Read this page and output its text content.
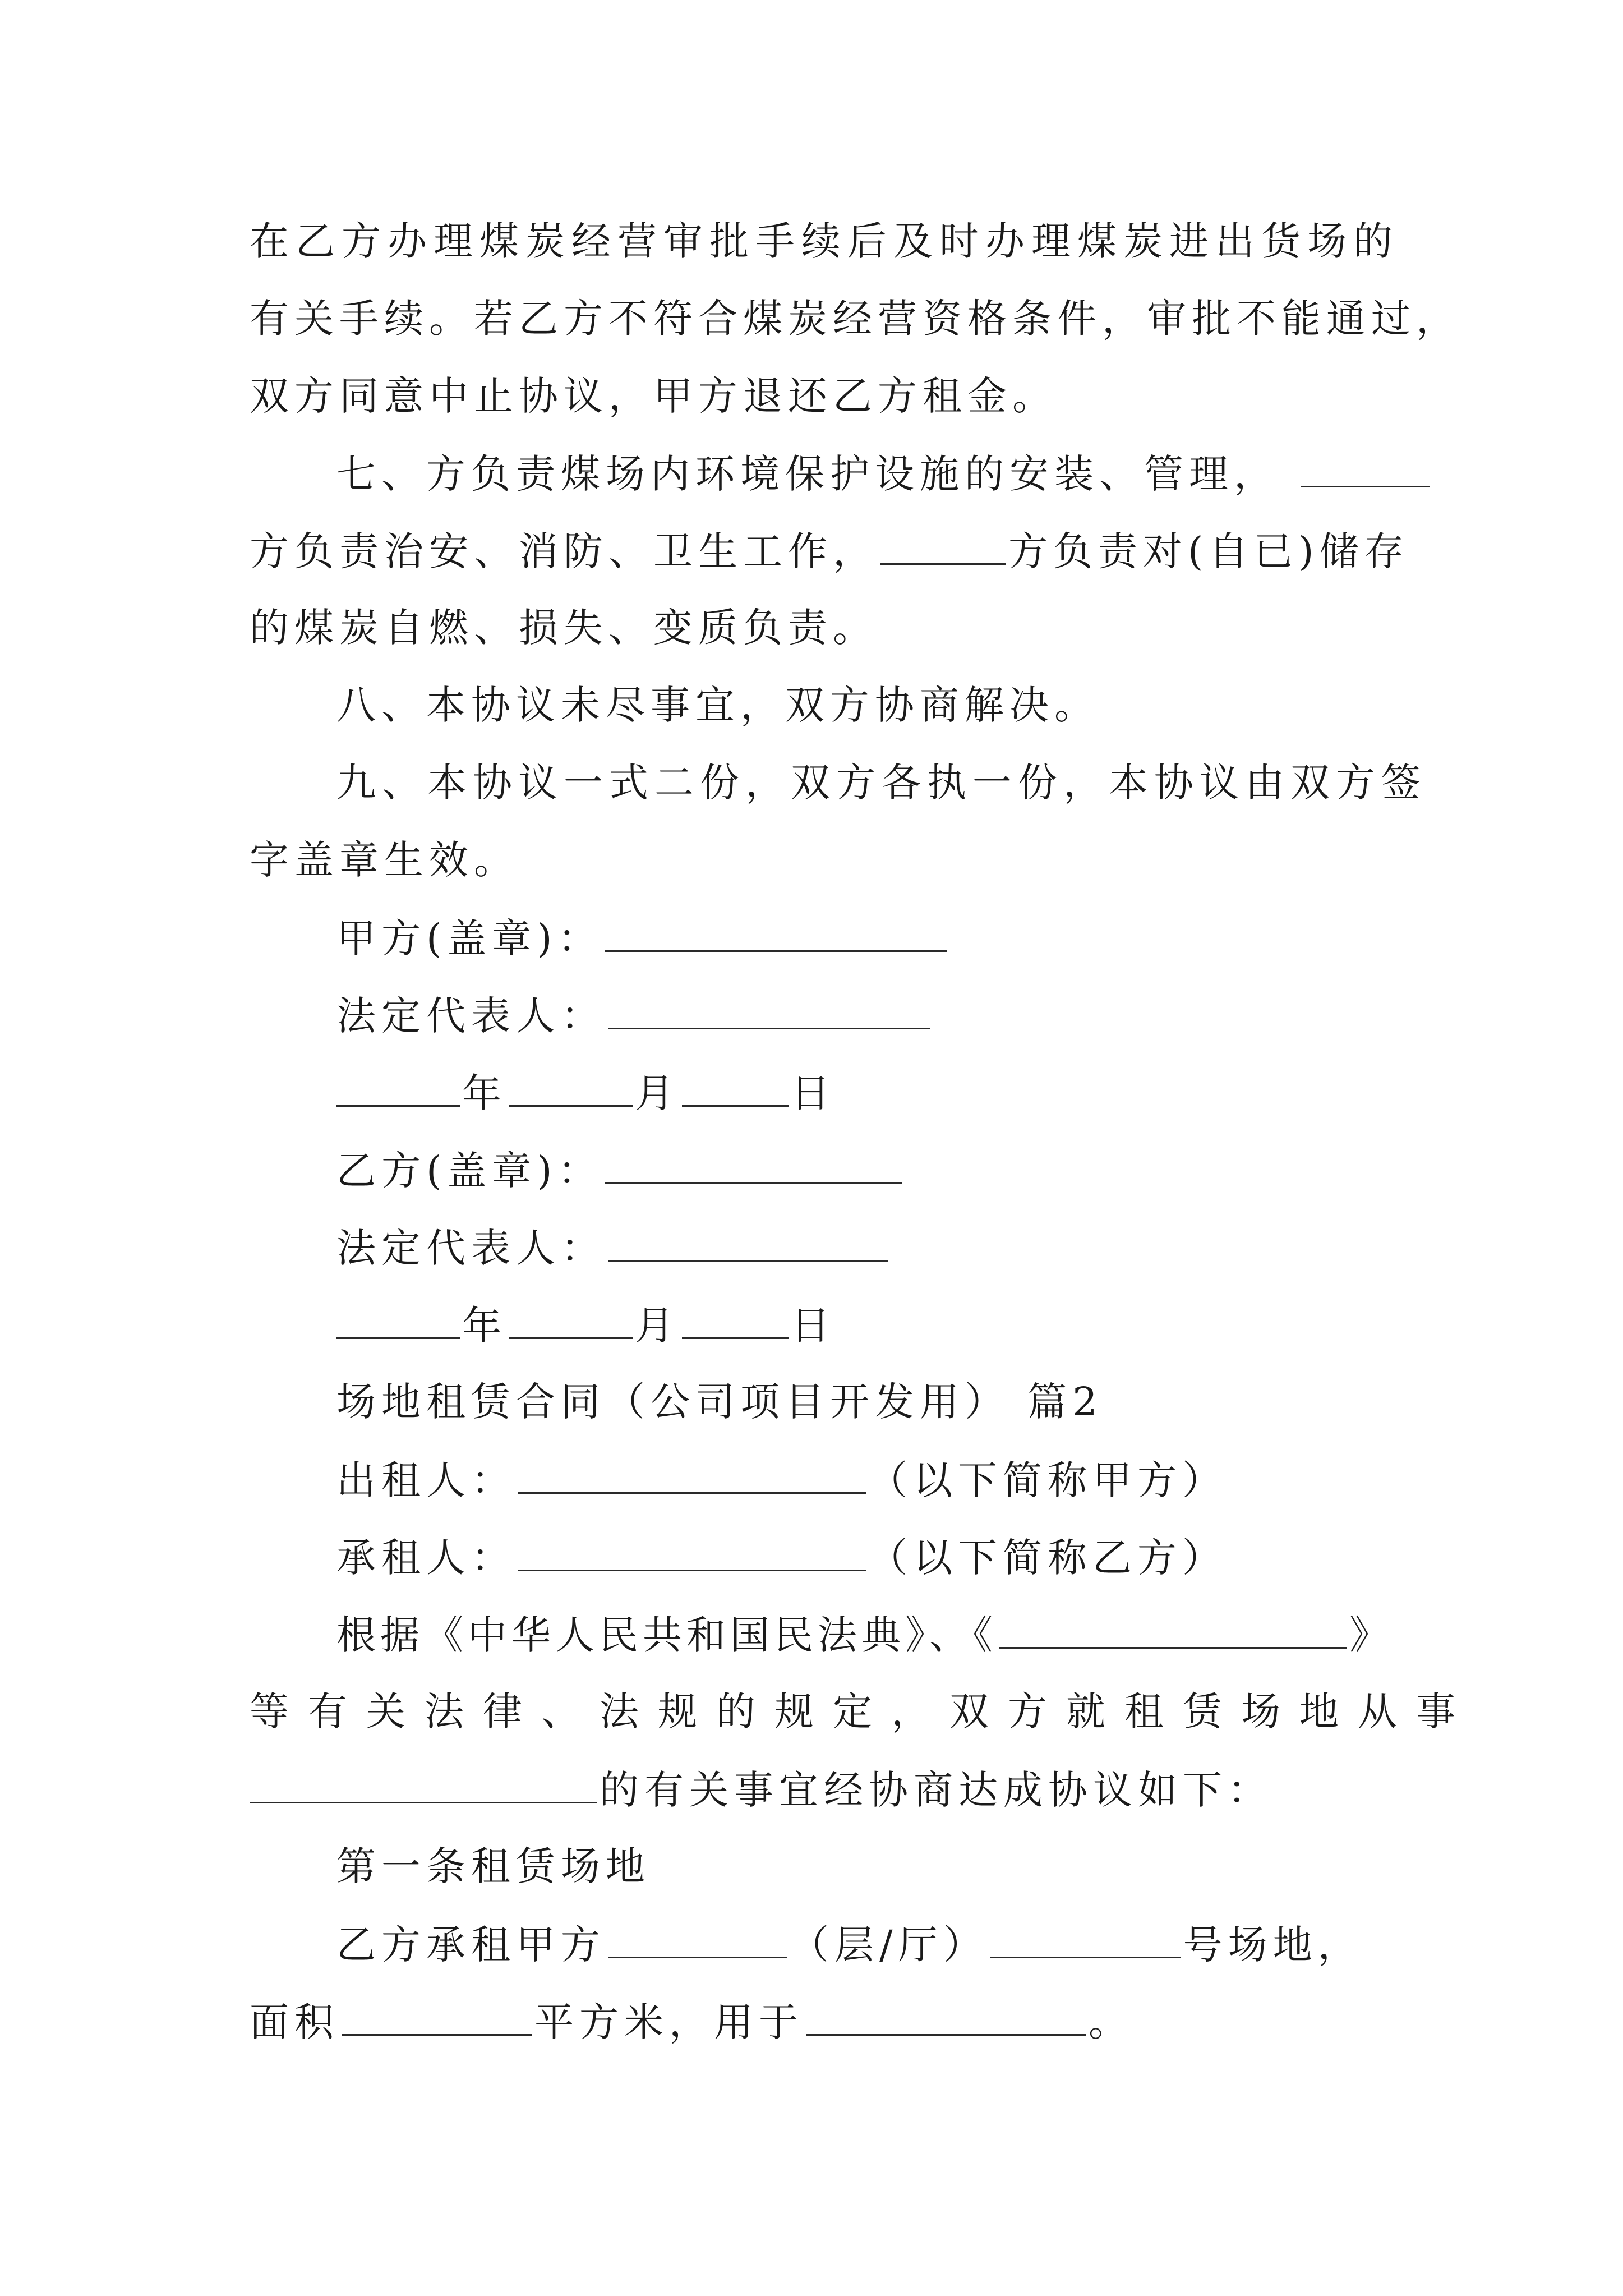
在乙方办理煤炭经营审批手续后及时办理煤炭进出货场的
有关手续。若乙方不符合煤炭经营资格条件，审批不能通过，
双方同意中止协议，甲方退还乙方租金。
七、方负责煤场内环境保护设施的安装、管理，
方负责治安、消防、卫生工作，	方负责对(自已)储存
的煤炭自燃、损失、变质负责。
八、本协议未尽事宜，双方协商解决。
九、本协议一式二份，双方各执一份，本协议由双方签
字盖章生效。
甲方(盖章)：
法定代表人：
年	月	日
乙方(盖章)：
法定代表人：
年	月	日
场地租赁合同（公司项目开发用） 篇2
出租人：	（以下简称甲方）
承租人：	（以下简称乙方）
根据《中华人民共和国民法典》、《	》
等有关法律、法规的规定，双方就租赁场地从事
的有关事宜经协商达成协议如下：
第一条租赁场地
乙方承租甲方	（层/厅）	号场地，
面积	平方米，用于	。
